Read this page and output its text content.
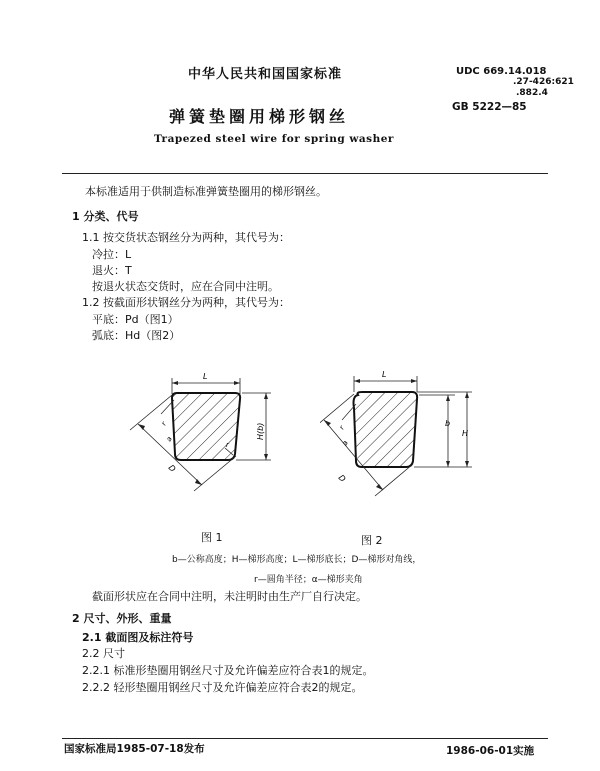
中华人民共和国国家标准
弹簧垫圈用梯形钢丝
Trapezed steel wire for spring washer
UDC 669.14.018
.27-426:621
.882.4
GB 5222—85
本标准适用于供制造标准弹簧垫圈用的梯形钢丝。
1 分类、代号
1.1 按交货状态钢丝分为两种，其代号为：
冷拉：L
退火：T
按退火状态交货时，应在合同中注明。
1.2 按截面形状钢丝分为两种，其代号为：
平底：Pd（图1）
弧底：Hd（图2）
L
H(b)
D
r
a
r
L
b
H
D
r
a
图 1	图 2
b—公称高度；H—梯形高度；L—梯形底长；D—梯形对角线，
r—圆角半径；α—梯形夹角
截面形状应在合同中注明，未注明时由生产厂自行决定。
2 尺寸、外形、重量
2.1 截面图及标注符号
2.2 尺寸
2.2.1 标准形垫圈用钢丝尺寸及允许偏差应符合表1的规定。
2.2.2 轻形垫圈用钢丝尺寸及允许偏差应符合表2的规定。
国家标准局1985-07-18发布	1986-06-01实施
